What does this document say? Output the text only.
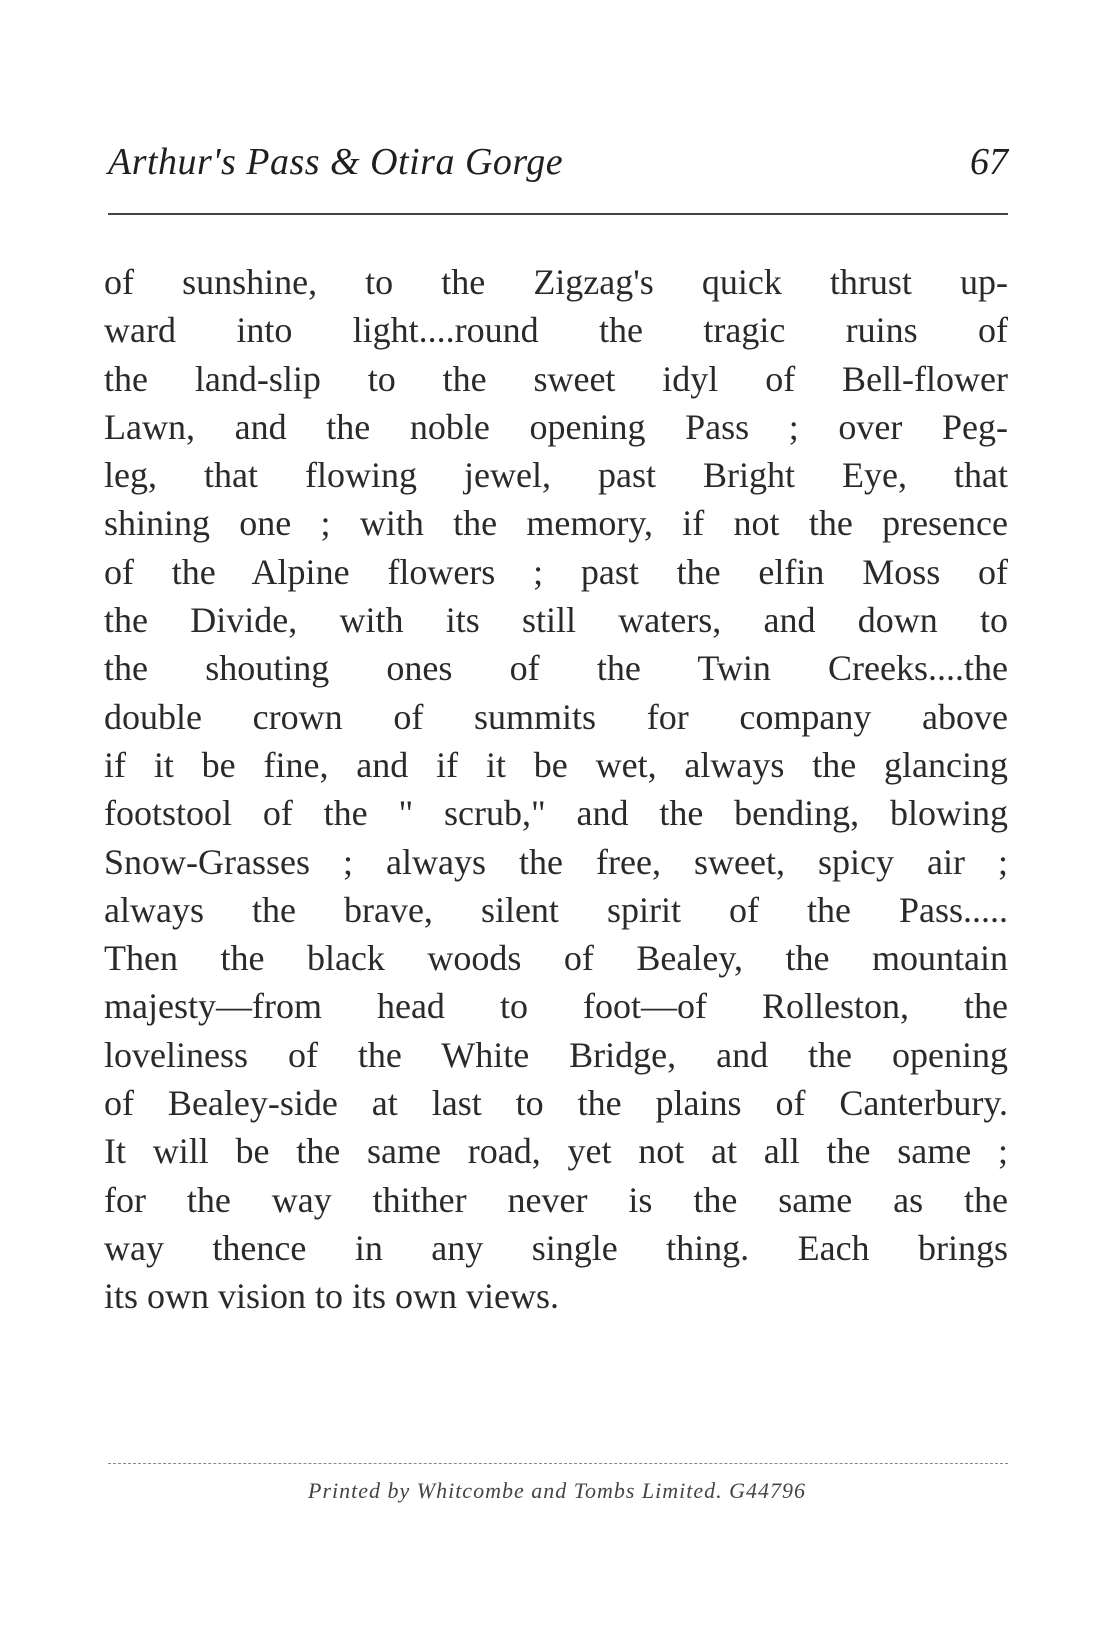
Arthur's Pass & Otira Gorge	67
of sunshine, to the Zigzag's quick thrust up-
ward into light....round the tragic ruins of
the land-slip to the sweet idyl of Bell-flower
Lawn, and the noble opening Pass ; over Peg-
leg, that flowing jewel, past Bright Eye, that
shining one ; with the memory, if not the presence
of the Alpine flowers ; past the elfin Moss of
the Divide, with its still waters, and down to
the shouting ones of the Twin Creeks....the
double crown of summits for company above
if it be fine, and if it be wet, always the glancing
footstool of the " scrub," and the bending, blowing
Snow-Grasses ; always the free, sweet, spicy air ;
always the brave, silent spirit of the Pass.....
Then the black woods of Bealey, the mountain
majesty—from head to foot—of Rolleston, the
loveliness of the White Bridge, and the opening
of Bealey-side at last to the plains of Canterbury.
It will be the same road, yet not at all the same ;
for the way thither never is the same as the
way thence in any single thing. Each brings
its own vision to its own views.
Printed by Whitcombe and Tombs Limited. G44796
